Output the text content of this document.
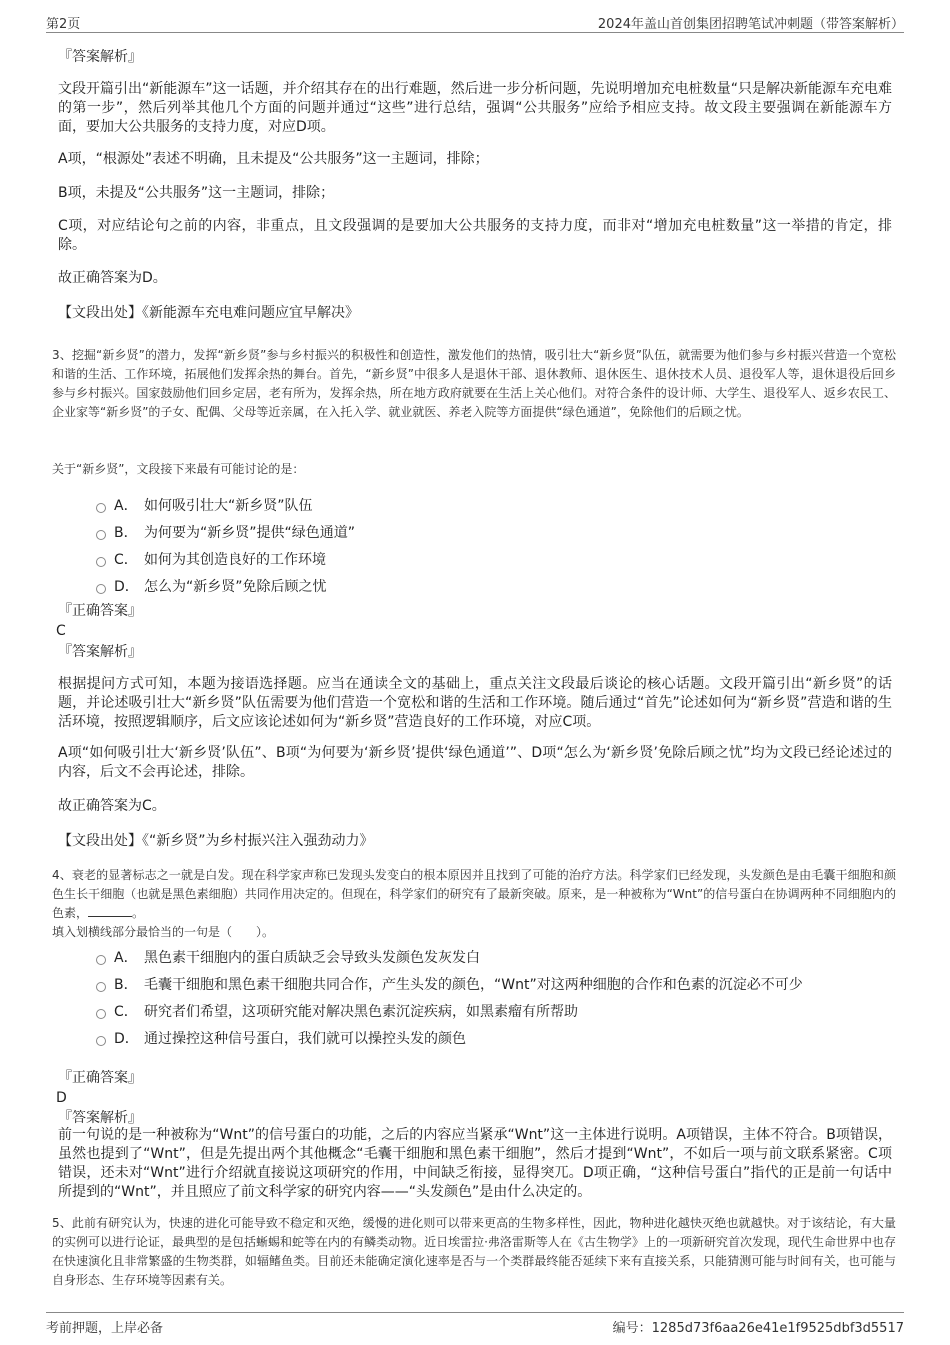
第2页	2024年盖山首创集团招聘笔试冲刺题（带答案解析）
『答案解析』

文段开篇引出“新能源车”这一话题，并介绍其存在的出行难题，然后进一步分析问题，先说明增加充电桩数量“只是解决新能源车充电难的第一步”，然后列举其他几个方面的问题并通过“这些”进行总结，强调“公共服务”应给予相应支持。故文段主要强调在新能源车方面，要加大公共服务的支持力度，对应D项。

A项，“根源处”表述不明确，且未提及“公共服务”这一主题词，排除；

B项，未提及“公共服务”这一主题词，排除；

C项，对应结论句之前的内容，非重点，且文段强调的是要加大公共服务的支持力度，而非对“增加充电桩数量”这一举措的肯定，排除。

故正确答案为D。

【文段出处】《新能源车充电难问题应宜早解决》

3、挖掘“新乡贤”的潜力，发挥“新乡贤”参与乡村振兴的积极性和创造性，激发他们的热情，吸引壮大“新乡贤”队伍，就需要为他们参与乡村振兴营造一个宽松和谐的生活、工作环境，拓展他们发挥余热的舞台。首先，“新乡贤”中很多人是退休干部、退休教师、退休医生、退休技术人员、退役军人等，退休退役后回乡参与乡村振兴。国家鼓励他们回乡定居，老有所为，发挥余热，所在地方政府就要在生活上关心他们。对符合条件的设计师、大学生、退役军人、返乡农民工、企业家等“新乡贤”的子女、配偶、父母等近亲属，在入托入学、就业就医、养老入院等方面提供“绿色通道”，免除他们的后顾之忧。

关于“新乡贤”，文段接下来最有可能讨论的是：

A． 如何吸引壮大“新乡贤”队伍
B． 为何要为“新乡贤”提供“绿色通道”
C． 如何为其创造良好的工作环境
D． 怎么为“新乡贤”免除后顾之忧
『正确答案』
C
『答案解析』

根据提问方式可知，本题为接语选择题。应当在通读全文的基础上，重点关注文段最后谈论的核心话题。文段开篇引出“新乡贤”的话题，并论述吸引壮大“新乡贤”队伍需要为他们营造一个宽松和谐的生活和工作环境。随后通过“首先”论述如何为“新乡贤”营造和谐的生活环境，按照逻辑顺序，后文应该论述如何为“新乡贤”营造良好的工作环境，对应C项。

A项“如何吸引壮大‘新乡贤’队伍”、B项“为何要为‘新乡贤’提供‘绿色通道’”、D项“怎么为‘新乡贤’免除后顾之忧”均为文段已经论述过的内容，后文不会再论述，排除。

故正确答案为C。

【文段出处】《“新乡贤”为乡村振兴注入强劲动力》

4、衰老的显著标志之一就是白发。现在科学家声称已发现头发变白的根本原因并且找到了可能的治疗方法。科学家们已经发现，头发颜色是由毛囊干细胞和颜色生长干细胞（也就是黑色素细胞）共同作用决定的。但现在，科学家们的研究有了最新突破。原来，是一种被称为“Wnt”的信号蛋白在协调两种不同细胞内的色素，	。

填入划横线部分最恰当的一句是（　　）。

A． 黑色素干细胞内的蛋白质缺乏会导致头发颜色发灰发白
B． 毛囊干细胞和黑色素干细胞共同合作，产生头发的颜色，“Wnt”对这两种细胞的合作和色素的沉淀必不可少
C． 研究者们希望，这项研究能对解决黑色素沉淀疾病，如黑素瘤有所帮助
D． 通过操控这种信号蛋白，我们就可以操控头发的颜色
『正确答案』
D
『答案解析』

前一句说的是一种被称为“Wnt”的信号蛋白的功能，之后的内容应当紧承“Wnt”这一主体进行说明。A项错误，主体不符合。B项错误，虽然也提到了“Wnt”，但是先提出两个其他概念“毛囊干细胞和黑色素干细胞”，然后才提到“Wnt”，不如后一项与前文联系紧密。C项错误，还未对“Wnt”进行介绍就直接说这项研究的作用，中间缺乏衔接，显得突兀。D项正确，“这种信号蛋白”指代的正是前一句话中所提到的“Wnt”，并且照应了前文科学家的研究内容——“头发颜色”是由什么决定的。

5、此前有研究认为，快速的进化可能导致不稳定和灭绝，缓慢的进化则可以带来更高的生物多样性，因此，物种进化越快灭绝也就越快。对于该结论，有大量的实例可以进行论证，最典型的是包括蜥蜴和蛇等在内的有鳞类动物。近日埃雷拉·弗洛雷斯等人在《古生物学》上的一项新研究首次发现，现代生命世界中也存在快速演化且非常繁盛的生物类群，如辐鳍鱼类。目前还未能确定演化速率是否与一个类群最终能否延续下来有直接关系，只能猜测可能与时间有关，也可能与自身形态、生存环境等因素有关。

考前押题，上岸必备	编号：1285d73f6aa26e41e1f9525dbf3d5517
